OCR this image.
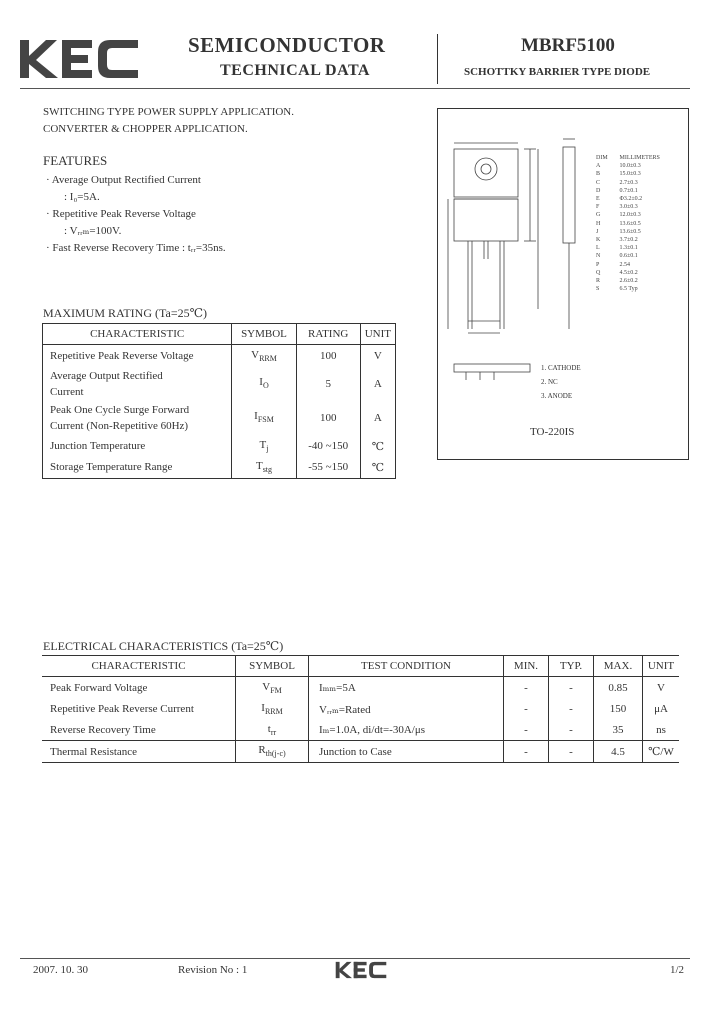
SEMICONDUCTOR
TECHNICAL DATA
MBRF5100
SCHOTTKY BARRIER TYPE DIODE
SWITCHING TYPE POWER SUPPLY APPLICATION.
CONVERTER & CHOPPER APPLICATION.
FEATURES
· Average Output Rectified Current
: I₀=5A.
· Repetitive Peak Reverse Voltage
: Vᵣᵣₘ=100V.
· Fast Reverse Recovery Time : tᵣᵣ=35ns.
MAXIMUM RATING (Ta=25℃)
CHARACTERISTIC	SYMBOL	RATING	UNIT
Repetitive Peak Reverse Voltage	$V_{RRM}$	100	V
Average Output Rectified Current	$I_O$	5	A
Peak One Cycle Surge Forward Current (Non-Repetitive 60Hz)	$I_{FSM}$	100	A
Junction Temperature	$T_j$	-40 ~150	℃
Storage Temperature Range	$T_{stg}$	-55 ~150	℃
1. CATHODE
2. NC
3. ANODE
TO-220IS
DIM	MILLIMETERS
A	10.0±0.3
B	15.0±0.3
C	2.7±0.3
D	0.7±0.1
E	Φ3.2±0.2
F	3.0±0.3
G	12.0±0.3
H	13.6±0.5
J	13.6±0.5
K	3.7±0.2
L	1.3±0.1
N	0.6±0.1
P	2.54
Q	4.5±0.2
R	2.6±0.2
S	6.5 Typ
ELECTRICAL CHARACTERISTICS (Ta=25℃)
CHARACTERISTIC	SYMBOL	TEST CONDITION	MIN.	TYP.	MAX.	UNIT
Peak Forward Voltage	$V_{FM}$	Iₘₘ=5A	-	-	0.85	V
Repetitive Peak Reverse Current	$I_{RRM}$	Vᵣᵣₘ=Rated	-	-	150	μA
Reverse Recovery Time	$t_{rr}$	Iₘ=1.0A, di/dt=-30A/μs	-	-	35	ns
Thermal Resistance	$R_{th(j-c)}$	Junction to Case	-	-	4.5	℃/W
2007. 10. 30	Revision No : 1	1/2
